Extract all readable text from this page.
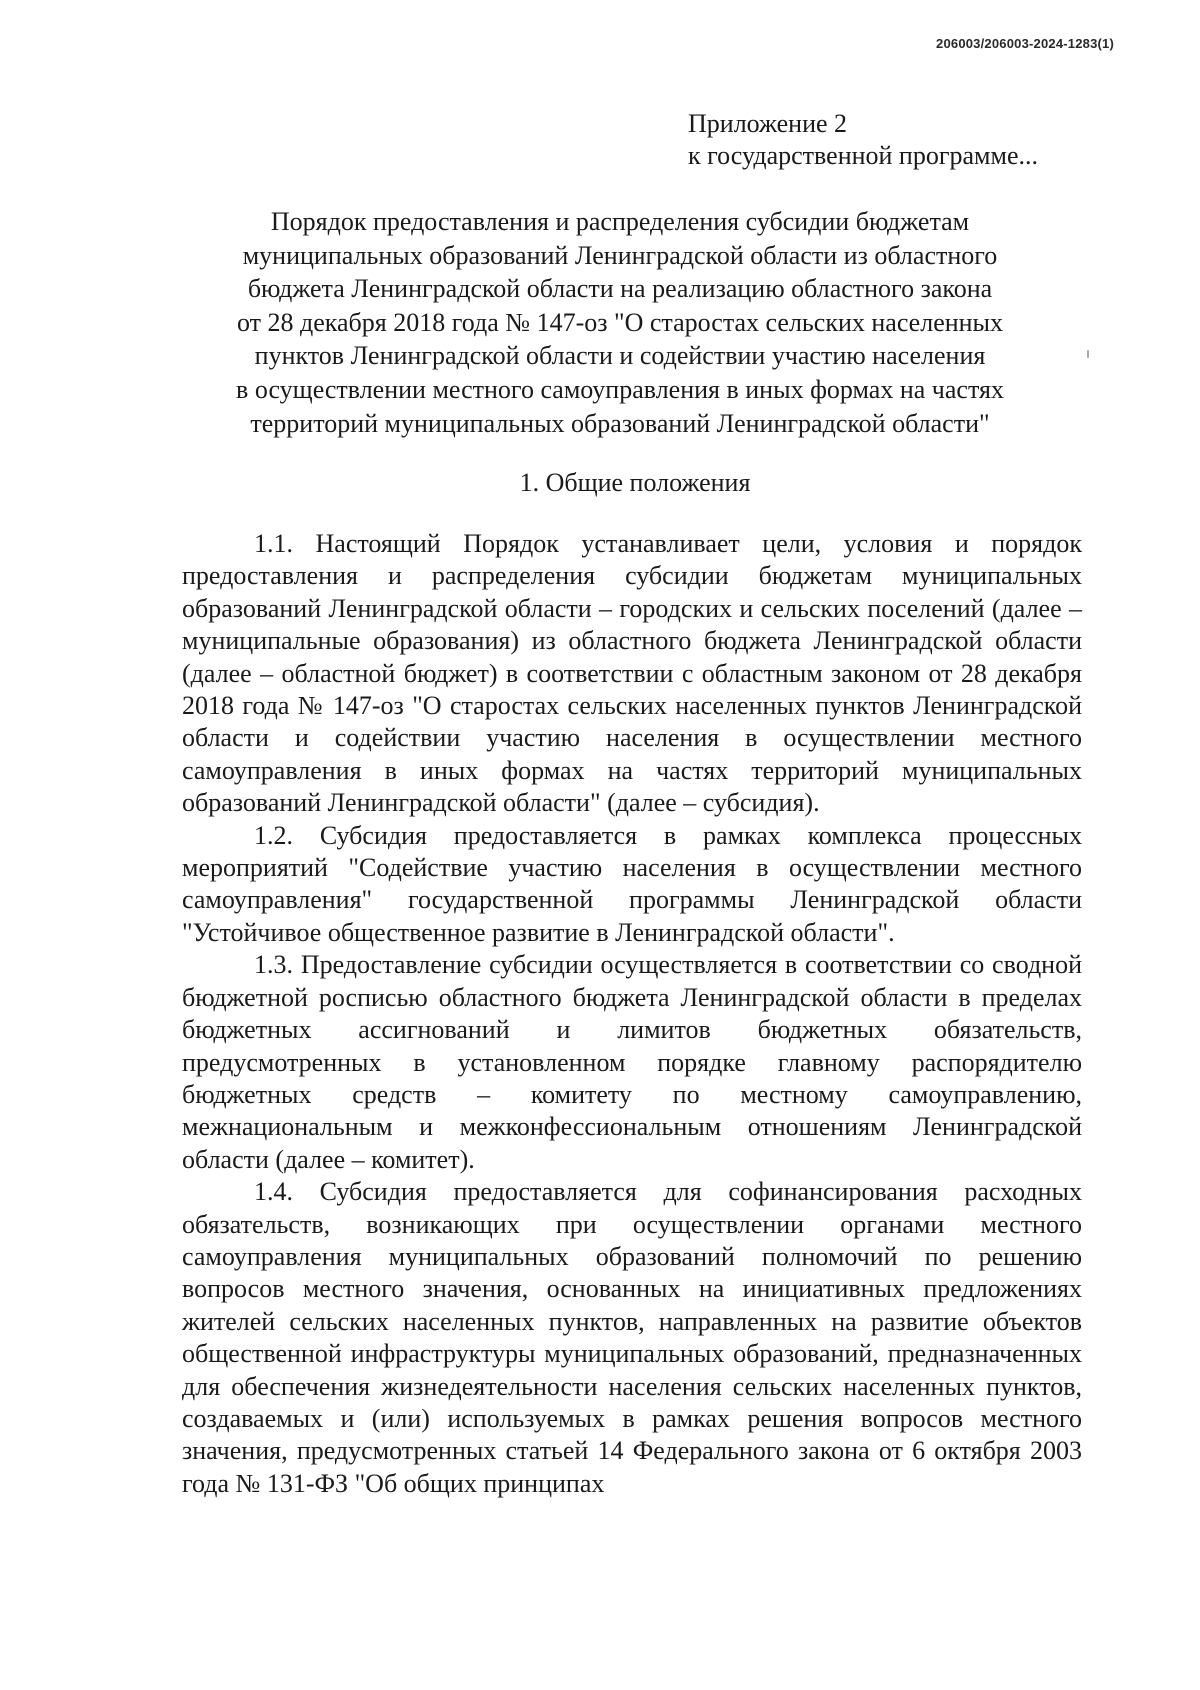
206003/206003-2024-1283(1)
Приложение 2
к государственной программе...
Порядок предоставления и распределения субсидии бюджетам
муниципальных образований Ленинградской области из областного
бюджета Ленинградской области на реализацию областного закона
от 28 декабря 2018 года № 147-оз "О старостах сельских населенных
пунктов Ленинградской области и содействии участию населения
в осуществлении местного самоуправления в иных формах на частях
территорий муниципальных образований Ленинградской области"
1. Общие положения

1.1. Настоящий Порядок устанавливает цели, условия и порядок предоставления и распределения субсидии бюджетам муниципальных образований Ленинградской области – городских и сельских поселений (далее – муниципальные образования) из областного бюджета Ленинградской области (далее – областной бюджет) в соответствии с областным законом от 28 декабря 2018 года № 147-оз "О старостах сельских населенных пунктов Ленинградской области и содействии участию населения в осуществлении местного самоуправления в иных формах на частях территорий муниципальных образований Ленинградской области" (далее – субсидия).

1.2. Субсидия предоставляется в рамках комплекса процессных мероприятий "Содействие участию населения в осуществлении местного самоуправления" государственной программы Ленинградской области "Устойчивое общественное развитие в Ленинградской области".

1.3. Предоставление субсидии осуществляется в соответствии со сводной бюджетной росписью областного бюджета Ленинградской области в пределах бюджетных ассигнований и лимитов бюджетных обязательств, предусмотренных в установленном порядке главному распорядителю бюджетных средств – комитету по местному самоуправлению, межнациональным и межконфессиональным отношениям Ленинградской области (далее – комитет).

1.4. Субсидия предоставляется для софинансирования расходных обязательств, возникающих при осуществлении органами местного самоуправления муниципальных образований полномочий по решению вопросов местного значения, основанных на инициативных предложениях жителей сельских населенных пунктов, направленных на развитие объектов общественной инфраструктуры муниципальных образований, предназначенных для обеспечения жизнедеятельности населения сельских населенных пунктов, создаваемых и (или) используемых в рамках решения вопросов местного значения, предусмотренных статьей 14 Федерального закона от 6 октября 2003 года № 131-ФЗ "Об общих принципах
